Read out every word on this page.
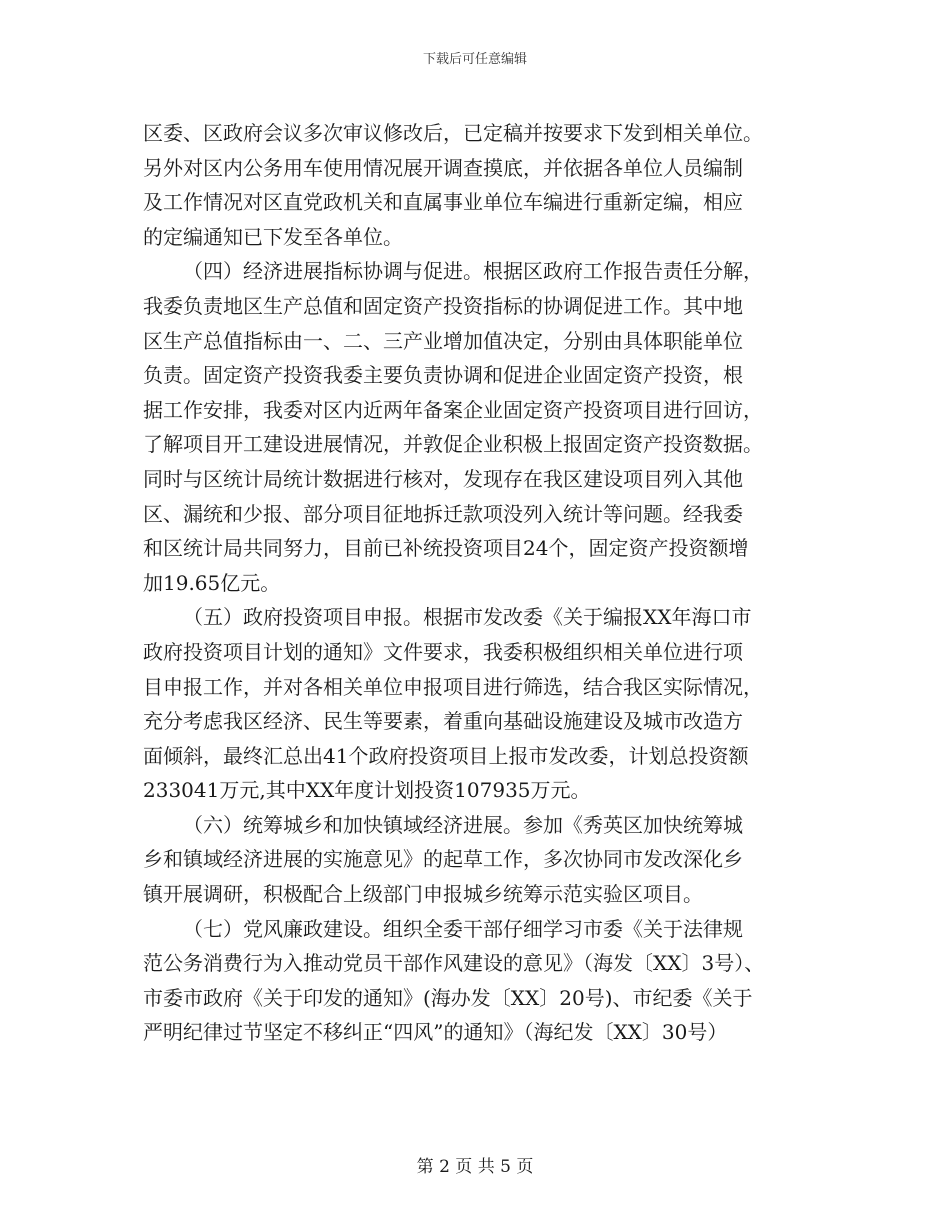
下载后可任意编辑
区委、区政府会议多次审议修改后，已定稿并按要求下发到相关单位。
另外对区内公务用车使用情况展开调查摸底，并依据各单位人员编制
及工作情况对区直党政机关和直属事业单位车编进行重新定编，相应
的定编通知已下发至各单位。
（四）经济进展指标协调与促进。根据区政府工作报告责任分解，
我委负责地区生产总值和固定资产投资指标的协调促进工作。其中地
区生产总值指标由一、二、三产业增加值决定，分别由具体职能单位
负责。固定资产投资我委主要负责协调和促进企业固定资产投资，根
据工作安排，我委对区内近两年备案企业固定资产投资项目进行回访，
了解项目开工建设进展情况，并敦促企业积极上报固定资产投资数据。
同时与区统计局统计数据进行核对，发现存在我区建设项目列入其他
区、漏统和少报、部分项目征地拆迁款项没列入统计等问题。经我委
和区统计局共同努力，目前已补统投资项目24个，固定资产投资额增
加19.65亿元。
（五）政府投资项目申报。根据市发改委《关于编报XX年海口市
政府投资项目计划的通知》文件要求，我委积极组织相关单位进行项
目申报工作，并对各相关单位申报项目进行筛选，结合我区实际情况，
充分考虑我区经济、民生等要素，着重向基础设施建设及城市改造方
面倾斜，最终汇总出41个政府投资项目上报市发改委，计划总投资额
233041万元,其中XX年度计划投资107935万元。
（六）统筹城乡和加快镇域经济进展。参加《秀英区加快统筹城
乡和镇域经济进展的实施意见》的起草工作，多次协同市发改深化乡
镇开展调研，积极配合上级部门申报城乡统筹示范实验区项目。
（七）党风廉政建设。组织全委干部仔细学习市委《关于法律规
范公务消费行为入推动党员干部作风建设的意见》（海发〔XX〕3号）、
市委市政府《关于印发的通知》(海办发〔XX〕20号)、市纪委《关于
严明纪律过节坚定不移纠正“四风”的通知》（海纪发〔XX〕30号）
第 2 页 共 5 页
